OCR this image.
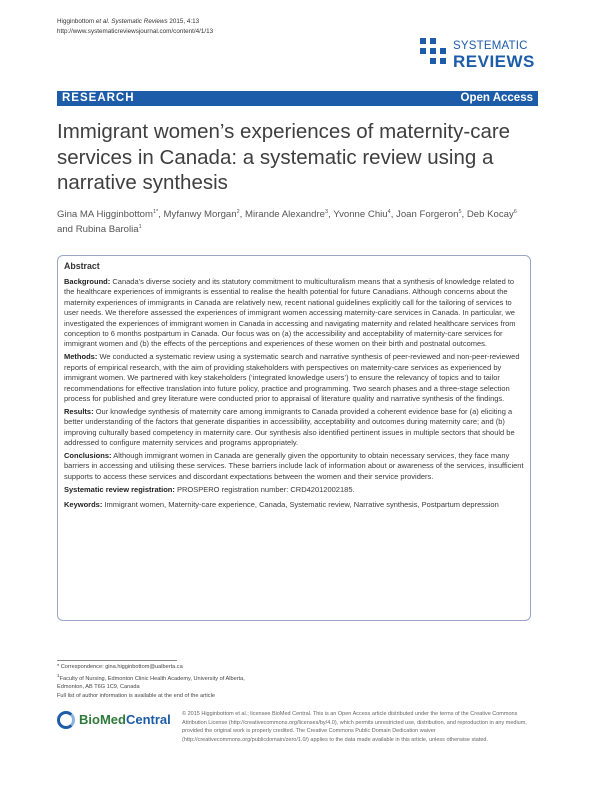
Higginbottom et al. Systematic Reviews 2015, 4:13
http://www.systematicreviewsjournal.com/content/4/1/13
SYSTEMATIC
REVIEWS
RESEARCH	Open Access
Immigrant women’s experiences of maternity-care services in Canada: a systematic review using a narrative synthesis
Gina MA Higginbottom$^{1*}$, Myfanwy Morgan$^2$, Mirande Alexandre$^3$, Yvonne Chiu$^4$, Joan Forgeron$^5$, Deb Kocay$^6$ and Rubina Barolia$^1$
Abstract

Background: Canada’s diverse society and its statutory commitment to multiculturalism means that a synthesis of knowledge related to the healthcare experiences of immigrants is essential to realise the health potential for future Canadians. Although concerns about the maternity experiences of immigrants in Canada are relatively new, recent national guidelines explicitly call for the tailoring of services to user needs. We therefore assessed the experiences of immigrant women accessing maternity-care services in Canada. In particular, we investigated the experiences of immigrant women in Canada in accessing and navigating maternity and related healthcare services from conception to 6 months postpartum in Canada. Our focus was on (a) the accessibility and acceptability of maternity-care services for immigrant women and (b) the effects of the perceptions and experiences of these women on their birth and postnatal outcomes.

Methods: We conducted a systematic review using a systematic search and narrative synthesis of peer-reviewed and non-peer-reviewed reports of empirical research, with the aim of providing stakeholders with perspectives on maternity-care services as experienced by immigrant women. We partnered with key stakeholders (‘integrated knowledge users’) to ensure the relevancy of topics and to tailor recommendations for effective translation into future policy, practice and programming. Two search phases and a three-stage selection process for published and grey literature were conducted prior to appraisal of literature quality and narrative synthesis of the findings.

Results: Our knowledge synthesis of maternity care among immigrants to Canada provided a coherent evidence base for (a) eliciting a better understanding of the factors that generate disparities in accessibility, acceptability and outcomes during maternity care; and (b) improving culturally based competency in maternity care. Our synthesis also identified pertinent issues in multiple sectors that should be addressed to configure maternity services and programs appropriately.

Conclusions: Although immigrant women in Canada are generally given the opportunity to obtain necessary services, they face many barriers in accessing and utilising these services. These barriers include lack of information about or awareness of the services, insufficient supports to access these services and discordant expectations between the women and their service providers.

Systematic review registration: PROSPERO registration number: CRD42012002185.

Keywords: Immigrant women, Maternity-care experience, Canada, Systematic review, Narrative synthesis, Postpartum depression

* Correspondence: gina.higginbottom@ualberta.ca
$^1$Faculty of Nursing, Edmonton Clinic Health Academy, University of Alberta,
Edmonton, AB T6G 1C9, Canada
Full list of author information is available at the end of the article
BioMedCentral © 2015 Higginbottom et al.; licensee BioMed Central. This is an Open Access article distributed under the terms of the Creative Commons Attribution License (http://creativecommons.org/licenses/by/4.0), which permits unrestricted use, distribution, and reproduction in any medium, provided the original work is properly credited. The Creative Commons Public Domain Dedication waiver (http://creativecommons.org/publicdomain/zero/1.0/) applies to the data made available in this article, unless otherwise stated.
